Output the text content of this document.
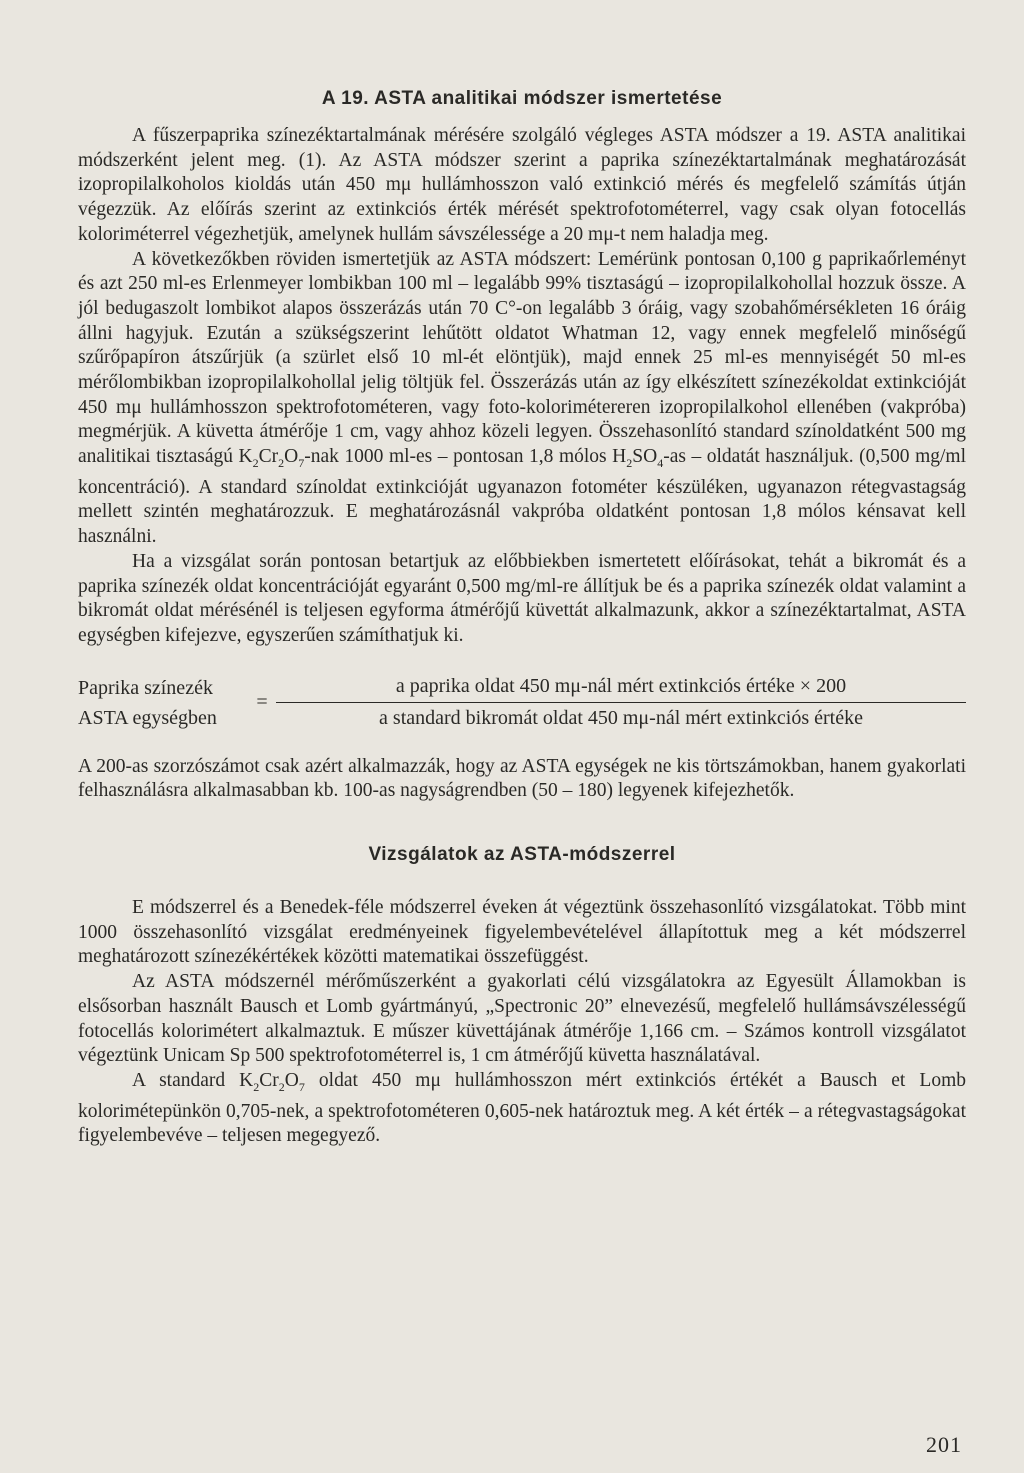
A 19. ASTA analitikai módszer ismertetése

A fűszerpaprika színezéktartalmának mérésére szolgáló végleges ASTA módszer a 19. ASTA analitikai módszerként jelent meg. (1). Az ASTA módszer szerint a paprika színezéktartalmának meghatározását izopropilalkoholos kioldás után 450 mμ hullámhosszon való extinkció mérés és megfelelő számítás útján végezzük. Az előírás szerint az extinkciós érték mérését spektrofotométerrel, vagy csak olyan fotocellás koloriméterrel végezhetjük, amelynek hullám sávszélessége a 20 mμ-t nem haladja meg.

A következőkben röviden ismertetjük az ASTA módszert: Lemérünk pontosan 0,100 g paprikaőrleményt és azt 250 ml-es Erlenmeyer lombikban 100 ml – legalább 99% tisztaságú – izopropilalkohollal hozzuk össze. A jól bedugaszolt lombikot alapos összerázás után 70 C°-on legalább 3 óráig, vagy szobahőmérsékleten 16 óráig állni hagyjuk. Ezután a szükségszerint lehűtött oldatot Whatman 12, vagy ennek megfelelő minőségű szűrőpapíron átszűrjük (a szürlet első 10 ml-ét elöntjük), majd ennek 25 ml-es mennyiségét 50 ml-es mérőlombikban izopropilalkohollal jelig töltjük fel. Összerázás után az így elkészített színezékoldat extinkcióját 450 mμ hullámhosszon spektrofotométeren, vagy foto-kolorimétereren izopropilalkohol ellenében (vakpróba) megmérjük. A küvetta átmérője 1 cm, vagy ahhoz közeli legyen. Összehasonlító standard színoldatként 500 mg analitikai tisztaságú $K_2Cr_2O_7$-nak 1000 ml-es – pontosan 1,8 mólos $H_2SO_4-as$ – oldatát használjuk. (0,500 mg/ml koncentráció). A standard színoldat extinkcióját ugyanazon fotométer készüléken, ugyanazon rétegvastagság mellett szintén meghatározzuk. E meghatározásnál vakpróba oldatként pontosan 1,8 mólos kénsavat kell használni.

Ha a vizsgálat során pontosan betartjuk az előbbiekben ismertetett előírásokat, tehát a bikromát és a paprika színezék oldat koncentrációját egyaránt 0,500 mg/ml-re állítjuk be és a paprika színezék oldat valamint a bikromát oldat mérésénél is teljesen egyforma átmérőjű küvettát alkalmazunk, akkor a színezéktartalmat, ASTA egységben kifejezve, egyszerűen számíthatjuk ki.

Paprika színezék
ASTA egységben
= $\frac{\text{a paprika oldat 450 mμ-nál mért extinkciós értéke × 200}}{\text{a standard bikromát oldat 450 mμ-nál mért extinkciós értéke}}$

A 200-as szorzószámot csak azért alkalmazzák, hogy az ASTA egységek ne kis törtszámokban, hanem gyakorlati felhasználásra alkalmasabban kb. 100-as nagyságrendben (50 – 180) legyenek kifejezhetők.

Vizsgálatok az ASTA-módszerrel

E módszerrel és a Benedek-féle módszerrel éveken át végeztünk összehasonlító vizsgálatokat. Több mint 1000 összehasonlító vizsgálat eredményeinek figyelembevételével állapítottuk meg a két módszerrel meghatározott színezékértékek közötti matematikai összefüggést.

Az ASTA módszernél mérőműszerként a gyakorlati célú vizsgálatokra az Egyesült Államokban is elsősorban használt Bausch et Lomb gyártmányú, „Spectronic 20” elnevezésű, megfelelő hullámsávszélességű fotocellás kolorimétert alkalmaztuk. E műszer küvettájának átmérője 1,166 cm. – Számos kontroll vizsgálatot végeztünk Unicam Sp 500 spektrofotométerrel is, 1 cm átmérőjű küvetta használatával.

A standard $K_2Cr_2O_7$ oldat 450 mμ hullámhosszon mért extinkciós értékét a Bausch et Lomb kolorimétерünkön 0,705-nek, a spektrofotométeren 0,605-nek határoztuk meg. A két érték – a rétegvastagságokat figyelembevéve – teljesen megegyező.

201
